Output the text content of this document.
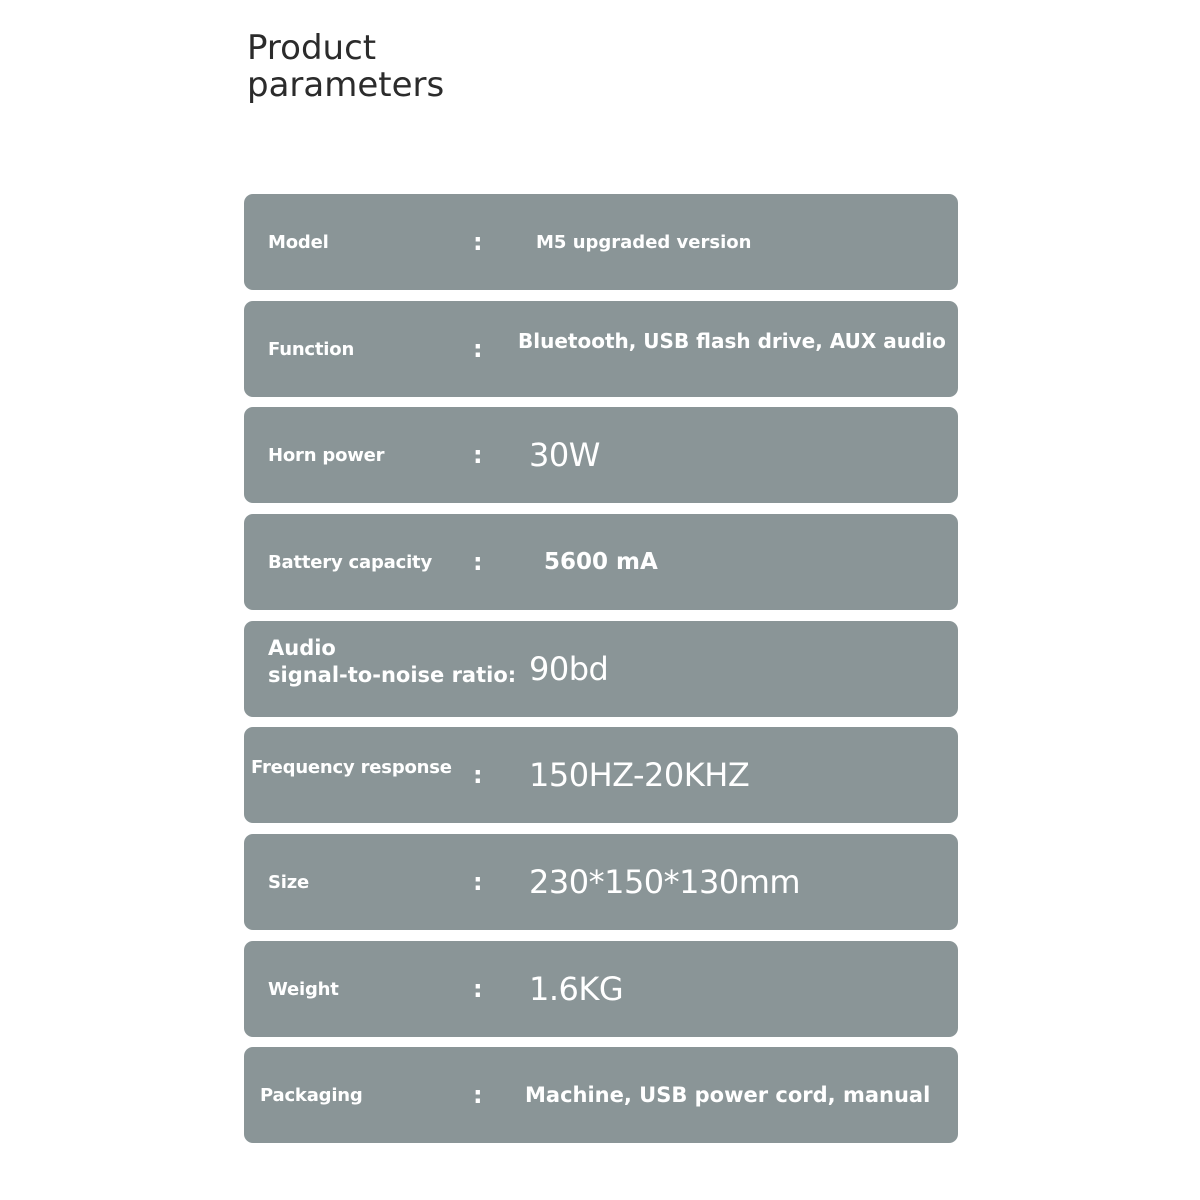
Product
parameters
Model	:	M5 upgraded version
Function	: Bluetooth, USB flash drive, AUX audio
Horn power	: 30W
Battery capacity :	5600 mA
Audio
signal-to-noise ratio: 90bd
Frequency response : 150HZ-20KHZ
Size	: 230*150*130mm
Weight	: 1.6KG
Packaging	: Machine, USB power cord, manual
